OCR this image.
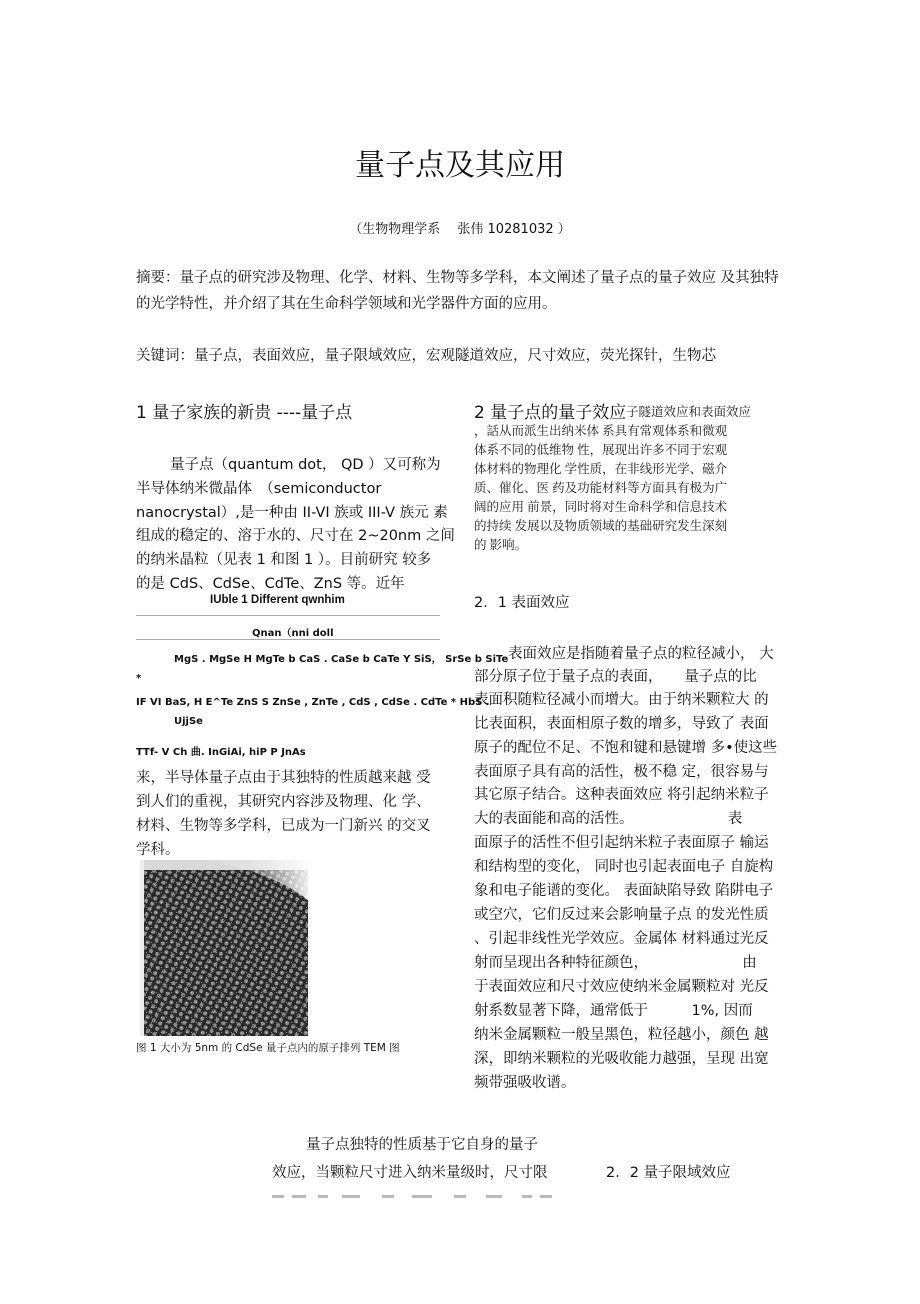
量子点及其应用
（生物物理学系　 张伟 10281032 ）
摘要：量子点的研究涉及物理、化学、材料、生物等多学科，本文阐述了量子点的量子效应 及其独特
的光学特性，并介绍了其在生命科学领域和光学器件方面的应用。
关键词：量子点，表面效应，量子限域效应，宏观隧道效应，尺寸效应，荧光探针，生物芯
1 量子家族的新贵 ----量子点
量子点（quantum dot， QD ）又可称为
半导体纳米微晶体　（semiconductor
nanocrystal）,是一种由 II-VI 族或 III-V 族元 素
组成的稳定的、溶于水的、尺寸在 2~20nm 之间
的纳米晶粒（见表 1 和图 1 ）。目前研究 较多
的是 CdS、CdSe、CdTe、ZnS 等。近年
IUble 1 Different qwnhim
Qnan（nni doll
MgS . MgSe H MgTe b CaS . CaSe b CaTe Y SiS， SrSe b SiTe
*
IF VI BaS, H E^Te ZnS S ZnSe , ZnTe , CdS , CdSe . CdTe * HbS .
UjjSe
TTf- V Ch 曲. InGiAi, hiP P JnAs
来，半导体量子点由于其独特的性质越来越 受
到人们的重视，其研究内容涉及物理、化 学、
材料、生物等多学科，已成为一门新兴 的交叉
学科。
图 1 大小为 5nm 的 CdSe 量子点内的原子排列 TEM 图
2 量子点的量子效应 子隧道效应和表面效应
，話从而派生出纳米体 系具有常观体系和微观
体系不同的低维物 性，展现出许多不同于宏观
体材料的物理化 学性质，在非线形光学、磁介
质、催化、医 药及功能材料等方面具有极为广
阔的应用 前景，同时将对生命科学和信息技术
的持续 发展以及物质领域的基础研究发生深刻
的 影响。
2．1 表面效应
表面效应是指随着量子点的粒径减小， 大
部分原子位于量子点的表面，　　量子点的比
表面积随粒径减小而增大。由于纳米颗粒大 的
比表面积，表面相原子数的增多，导致了 表面
原子的配位不足、不饱和键和悬键增 多•使这些
表面原子具有高的活性，极不稳 定，很容易与
其它原子结合。这种表面效应 将引起纳米粒子
大的表面能和高的活性。　　　　　　　表
面原子的活性不但引起纳米粒子表面原子 输运
和结构型的变化， 同时也引起表面电子 自旋构
象和电子能谱的变化。 表面缺陷导致 陷阱电子
或空穴，它们反过来会影响量子点 的发光性质
、引起非线性光学效应。金属体 材料通过光反
射而呈现出各种特征颜色，　　　　　　　由
于表面效应和尺寸效应使纳米金属颗粒对 光反
射系数显著下降，通常低于　　　1%, 因而
纳米金属颗粒一般呈黑色，粒径越小，颜色 越
深，即纳米颗粒的光吸收能力越强，呈现 出宽
频带强吸收谱。
量子点独特的性质基于它自身的量子
效应，当颗粒尺寸进入纳米量级时，尺寸限	2．2 量子限域效应
